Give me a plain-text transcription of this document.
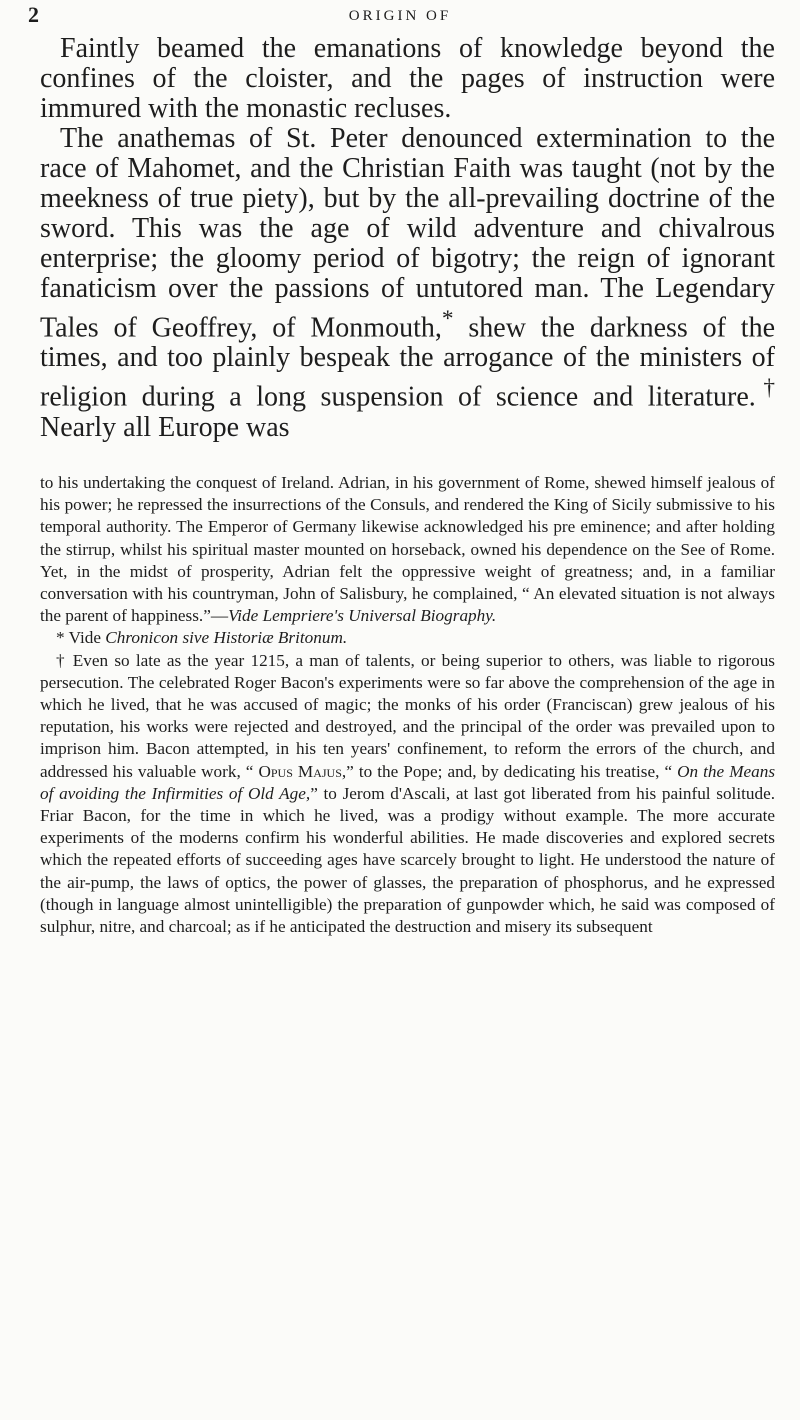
2	ORIGIN OF

Faintly beamed the emanations of knowledge beyond the confines of the cloister, and the pages of instruction were immured with the monastic recluses.

The anathemas of St. Peter denounced extermination to the race of Mahomet, and the Christian Faith was taught (not by the meekness of true piety), but by the all-prevailing doctrine of the sword. This was the age of wild adventure and chivalrous enterprise; the gloomy period of bigotry; the reign of ignorant fanaticism over the passions of untutored man. The Legendary Tales of Geoffrey, of Monmouth,* shew the darkness of the times, and too plainly bespeak the arrogance of the ministers of religion during a long suspension of science and literature.† Nearly all Europe was

to his undertaking the conquest of Ireland. Adrian, in his government of Rome, shewed himself jealous of his power; he repressed the insurrections of the Consuls, and rendered the King of Sicily submissive to his temporal authority. The Emperor of Germany likewise acknowledged his pre eminence; and after holding the stirrup, whilst his spiritual master mounted on horseback, owned his dependence on the See of Rome. Yet, in the midst of prosperity, Adrian felt the oppressive weight of greatness; and, in a familiar conversation with his countryman, John of Salisbury, he complained, “ An elevated situation is not always the parent of happiness.”—Vide Lempriere's Universal Biography.

* Vide Chronicon sive Historiæ Britonum.

† Even so late as the year 1215, a man of talents, or being superior to others, was liable to rigorous persecution. The celebrated Roger Bacon's experiments were so far above the comprehension of the age in which he lived, that he was accused of magic; the monks of his order (Franciscan) grew jealous of his reputation, his works were rejected and destroyed, and the principal of the order was prevailed upon to imprison him. Bacon attempted, in his ten years' confinement, to reform the errors of the church, and addressed his valuable work, “ Opus Majus,” to the Pope; and, by dedicating his treatise, “ On the Means of avoiding the Infirmities of Old Age,” to Jerom d'Ascali, at last got liberated from his painful solitude. Friar Bacon, for the time in which he lived, was a prodigy without example. The more accurate experiments of the moderns confirm his wonderful abilities. He made discoveries and explored secrets which the repeated efforts of succeeding ages have scarcely brought to light. He understood the nature of the air-pump, the laws of optics, the power of glasses, the preparation of phosphorus, and he expressed (though in language almost unintelligible) the preparation of gunpowder which, he said was composed of sulphur, nitre, and charcoal; as if he anticipated the destruction and misery its subsequent
